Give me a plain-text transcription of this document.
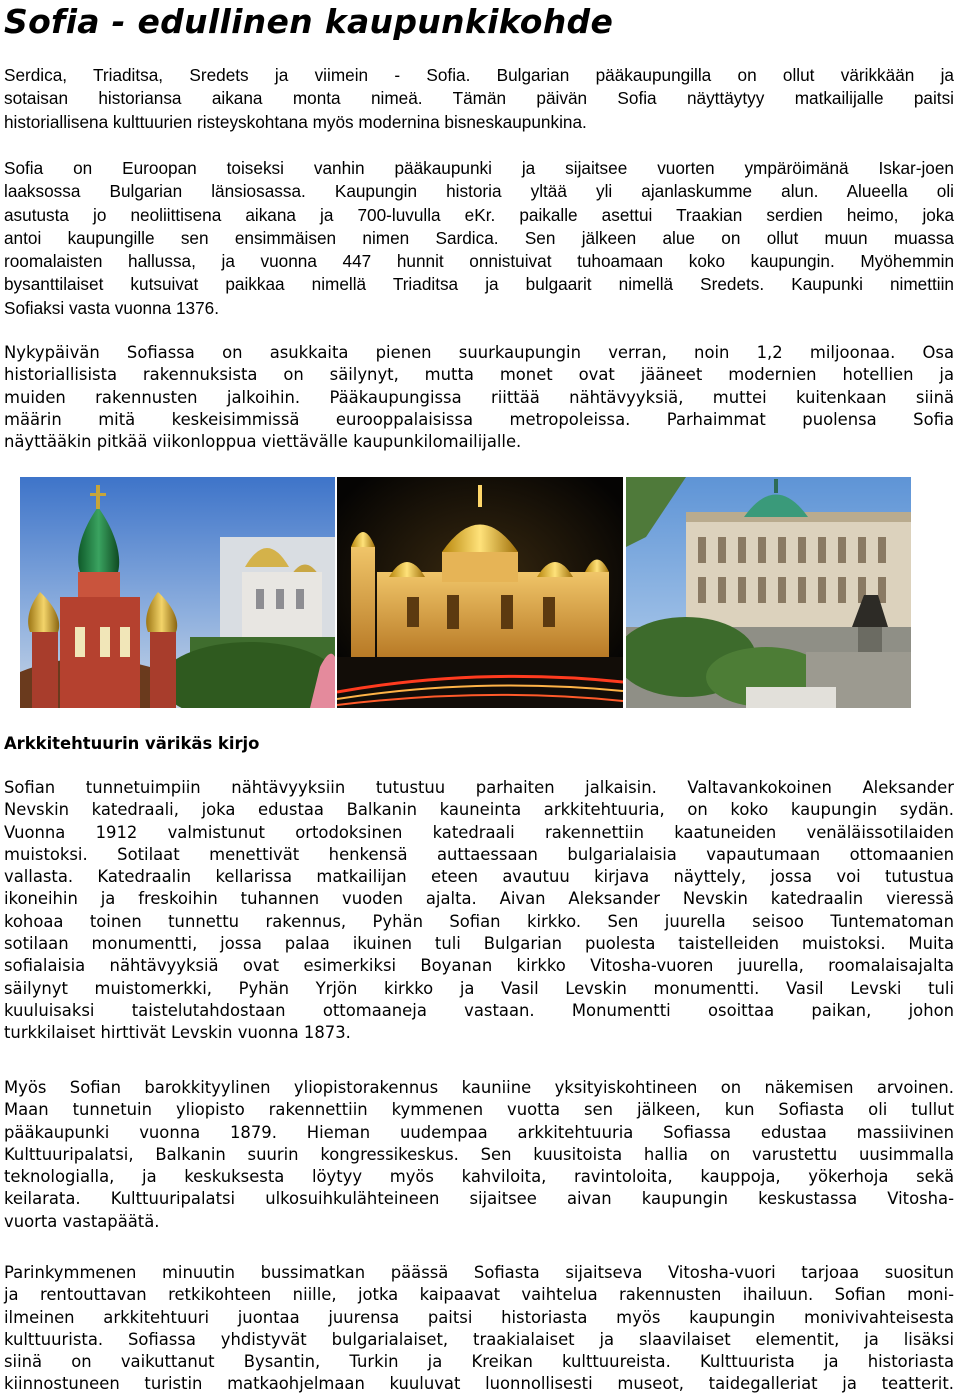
Sofia - edullinen kaupunkikohde
Serdica, Triaditsa, Sredets ja viimein - Sofia. Bulgarian pääkaupungilla on ollut värikkään ja
sotaisan historiansa aikana monta nimeä. Tämän päivän Sofia näyttäytyy matkailijalle paitsi
historiallisena kulttuurien risteyskohtana myös modernina bisneskaupunkina.
Sofia on Euroopan toiseksi vanhin pääkaupunki ja sijaitsee vuorten ympäröimänä Iskar-joen
laaksossa Bulgarian länsiosassa. Kaupungin historia yltää yli ajanlaskumme alun. Alueella oli
asutusta jo neoliittisena aikana ja 700-luvulla eKr. paikalle asettui Traakian serdien heimo, joka
antoi kaupungille sen ensimmäisen nimen Sardica. Sen jälkeen alue on ollut muun muassa
roomalaisten hallussa, ja vuonna 447 hunnit onnistuivat tuhoamaan koko kaupungin. Myöhemmin
bysanttilaiset kutsuivat paikkaa nimellä Triaditsa ja bulgaarit nimellä Sredets. Kaupunki nimettiin
Sofiaksi vasta vuonna 1376.
Nykypäivän Sofiassa on asukkaita pienen suurkaupungin verran, noin 1,2 miljoonaa. Osa
historiallisista rakennuksista on säilynyt, mutta monet ovat jääneet modernien hotellien ja
muiden rakennusten jalkoihin. Pääkaupungissa riittää nähtävyyksiä, muttei kuitenkaan siinä
määrin mitä keskeisimmissä eurooppalaisissa metropoleissa. Parhaimmat puolensa Sofia
näyttääkin pitkää viikonloppua viettävälle kaupunkilomailijalle.
Arkkitehtuurin värikäs kirjo
Sofian tunnetuimpiin nähtävyyksiin tutustuu parhaiten jalkaisin. Valtavankokoinen Aleksander
Nevskin katedraali, joka edustaa Balkanin kauneinta arkkitehtuuria, on koko kaupungin sydän.
Vuonna 1912 valmistunut ortodoksinen katedraali rakennettiin kaatuneiden venäläissotilaiden
muistoksi. Sotilaat menettivät henkensä auttaessaan bulgarialaisia vapautumaan ottomaanien
vallasta. Katedraalin kellarissa matkailijan eteen avautuu kirjava näyttely, jossa voi tutustua
ikoneihin ja freskoihin tuhannen vuoden ajalta. Aivan Aleksander Nevskin katedraalin vieressä
kohoaa toinen tunnettu rakennus, Pyhän Sofian kirkko. Sen juurella seisoo Tuntematoman
sotilaan monumentti, jossa palaa ikuinen tuli Bulgarian puolesta taistelleiden muistoksi. Muita
sofialaisia nähtävyyksiä ovat esimerkiksi Boyanan kirkko Vitosha-vuoren juurella, roomalaisajalta
säilynyt muistomerkki, Pyhän Yrjön kirkko ja Vasil Levskin monumentti. Vasil Levski tuli
kuuluisaksi taistelutahdostaan ottomaaneja vastaan. Monumentti osoittaa paikan, johon
turkkilaiset hirttivät Levskin vuonna 1873.
Myös Sofian barokkityylinen yliopistorakennus kauniine yksityiskohtineen on näkemisen arvoinen.
Maan tunnetuin yliopisto rakennettiin kymmenen vuotta sen jälkeen, kun Sofiasta oli tullut
pääkaupunki vuonna 1879. Hieman uudempaa arkkitehtuuria Sofiassa edustaa massiivinen
Kulttuuripalatsi, Balkanin suurin kongressikeskus. Sen kuusitoista hallia on varustettu uusimmalla
teknologialla, ja keskuksesta löytyy myös kahviloita, ravintoloita, kauppoja, yökerhoja sekä
keilarata. Kulttuuripalatsi ulkosuihkulähteineen sijaitsee aivan kaupungin keskustassa Vitosha-
vuorta vastapäätä.
Parinkymmenen minuutin bussimatkan päässä Sofiasta sijaitseva Vitosha-vuori tarjoaa suositun
ja rentouttavan retkikohteen niille, jotka kaipaavat vaihtelua rakennusten ihailuun. Sofian moni-
ilmeinen arkkitehtuuri juontaa juurensa paitsi historiasta myös kaupungin monivivahteisesta
kulttuurista. Sofiassa yhdistyvät bulgarialaiset, traakialaiset ja slaavilaiset elementit, ja lisäksi
siinä on vaikuttanut Bysantin, Turkin ja Kreikan kulttuureista. Kulttuurista ja historiasta
kiinnostuneen turistin matkaohjelmaan kuuluvat luonnollisesti museot, taidegalleriat ja teatterit.
